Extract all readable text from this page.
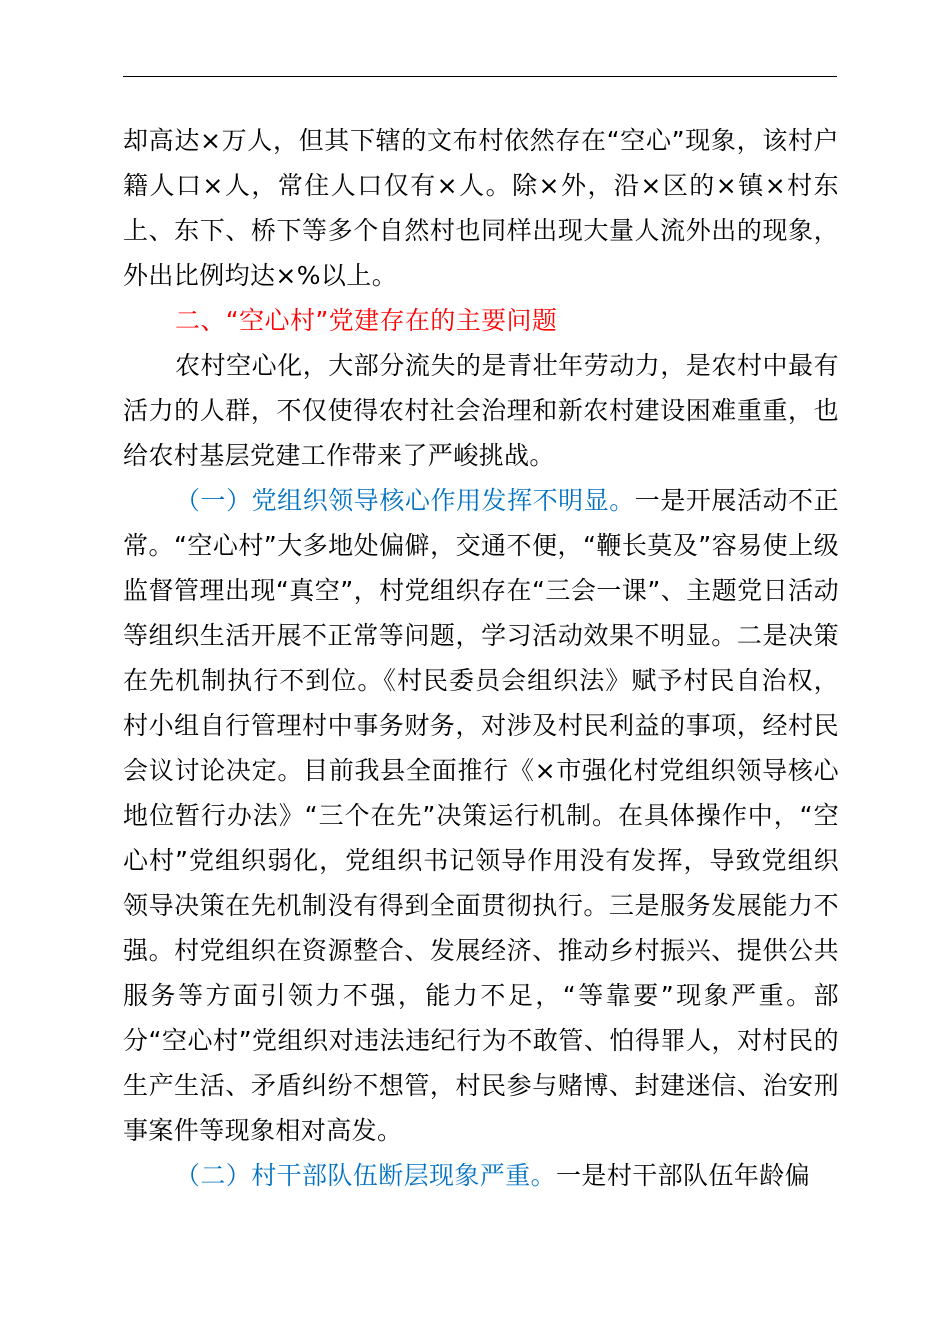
却高达×万人，但其下辖的文布村依然存在“空心”现象，该村户籍人口×人，常住人口仅有×人。除×外，沿×区的×镇×村东上、东下、桥下等多个自然村也同样出现大量人流外出的现象，外出比例均达×%以上。

二、“空心村”党建存在的主要问题

农村空心化，大部分流失的是青壮年劳动力，是农村中最有活力的人群，不仅使得农村社会治理和新农村建设困难重重，也给农村基层党建工作带来了严峻挑战。

（一）党组织领导核心作用发挥不明显。一是开展活动不正常。“空心村”大多地处偏僻，交通不便，“鞭长莫及”容易使上级监督管理出现“真空”，村党组织存在“三会一课”、主题党日活动等组织生活开展不正常等问题，学习活动效果不明显。二是决策在先机制执行不到位。《村民委员会组织法》赋予村民自治权，村小组自行管理村中事务财务，对涉及村民利益的事项，经村民会议讨论决定。目前我县全面推行《×市强化村党组织领导核心地位暂行办法》“三个在先”决策运行机制。在具体操作中，“空心村”党组织弱化，党组织书记领导作用没有发挥，导致党组织领导决策在先机制没有得到全面贯彻执行。三是服务发展能力不强。村党组织在资源整合、发展经济、推动乡村振兴、提供公共服务等方面引领力不强，能力不足，“等靠要”现象严重。部分“空心村”党组织对违法违纪行为不敢管、怕得罪人，对村民的生产生活、矛盾纠纷不想管，村民参与赌博、封建迷信、治安刑事案件等现象相对高发。

（二）村干部队伍断层现象严重。一是村干部队伍年龄偏
